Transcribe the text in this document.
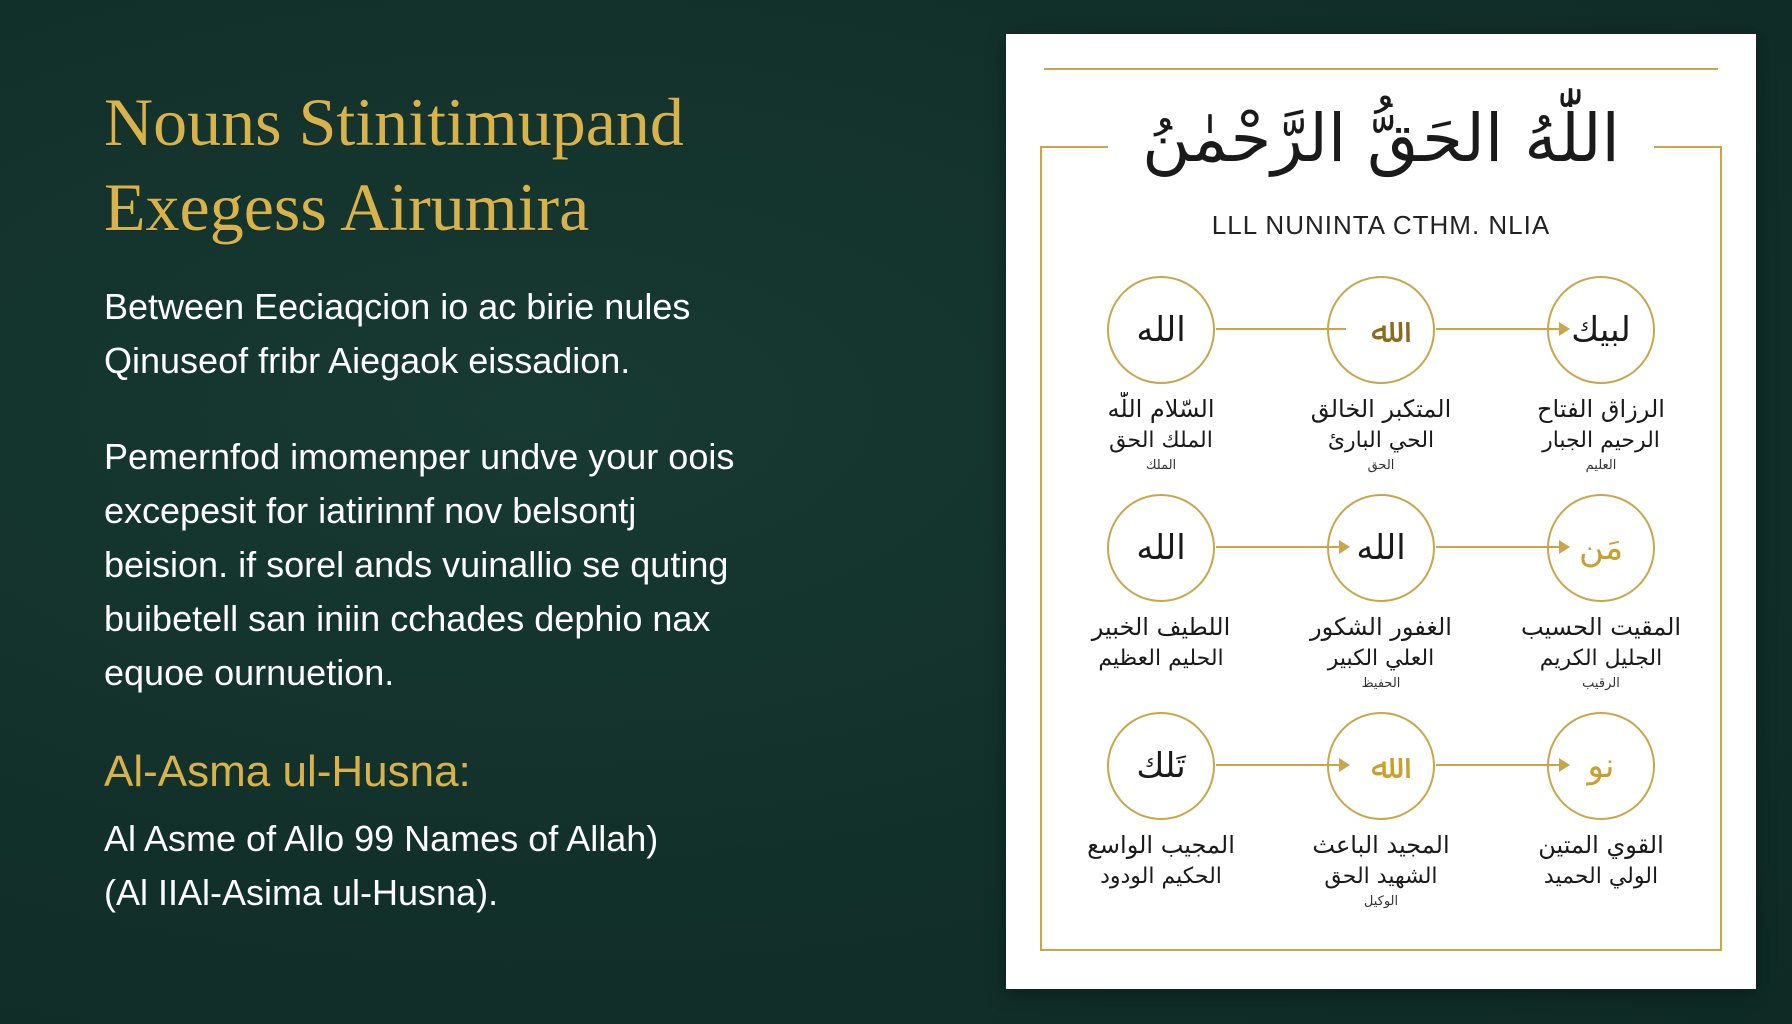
Nouns Stinitimupand
Exegess Airumira

Between Eeciaqcion io ac birie nules
Qinuseof fribr Aiegaok eissadion.

Pemernfod imomenper undve your oois
excepesit for iatirinnf nov belsontj
beision. if sorel ands vuinallio se quting
buibetell san iniin cchades dephio nax
equoe ournuetion.

Al-Asma ul-Husna:

Al Asme of Allo 99 Names of Allah)
(Al IIAl-Asima ul-Husna).

اللّٰهُ الحَقُّ الرَّحْمٰنُ
LLL NUNINTA CTHM. NLIA
الله
السّلام اللّٰه
الملك الحق
الملك
ﷲ
المتكبر الخالق
الحي البارئ
الحق
لبيك
الرزاق الفتاح
الرحيم الجبار
العليم
الله
اللطيف الخبير
الحليم العظيم
الله
الغفور الشكور
العلي الكبير
الحفيظ
مَن
المقيت الحسيب
الجليل الكريم
الرقيب
تَلك
المجيب الواسع
الحكيم الودود
ﷲ
المجيد الباعث
الشهيد الحق
الوكيل
نو
القوي المتين
الولي الحميد
